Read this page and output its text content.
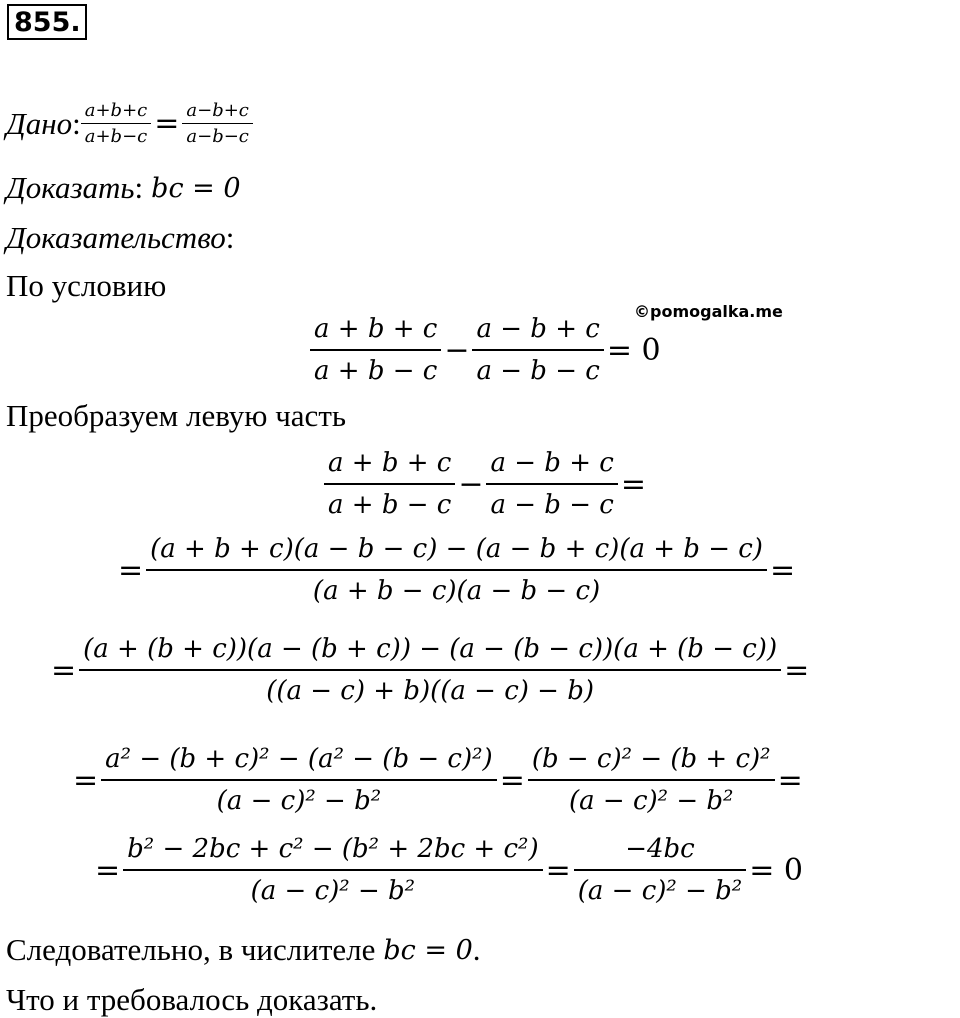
855.
Дано : $\frac{a+b+c}{a+b-c} = \frac{a-b+c}{a-b-c}$
Доказать : bc = 0
Доказательство :
По условию
©pomogalka.me
$\frac{a + b + c}{a + b - c} - \frac{a - b + c}{a - b - c} = 0$
Преобразуем левую часть
$\frac{a + b + c}{a + b - c} - \frac{a - b + c}{a - b - c}$ =
= $\frac{(a + b + c)(a - b - c) - (a - b + c)(a + b - c)}{(a + b - c)(a - b - c)}$ =
= $\frac{(a + (b + c))(a - (b + c)) - (a - (b - c))(a + (b - c))}{((a - c) + b)((a - c) - b)}$ =
= $\frac{\text{a² − (b + c)² − (a² − (b − c)²)}}{\text{(a − c)² − b²}} = \frac{\text{(b − c)² − (b + c)²}}{\text{(a − c)² − b²}}$ =
= $\frac{\text{b² − 2bc + c² − (b² + 2bc + c²)}}{\text{(a − c)² − b²}} = \frac{-4bc}{\text{(a − c)² − b²}} = 0$
Следовательно, в числителе bc = 0 .
Что и требовалось доказать.
